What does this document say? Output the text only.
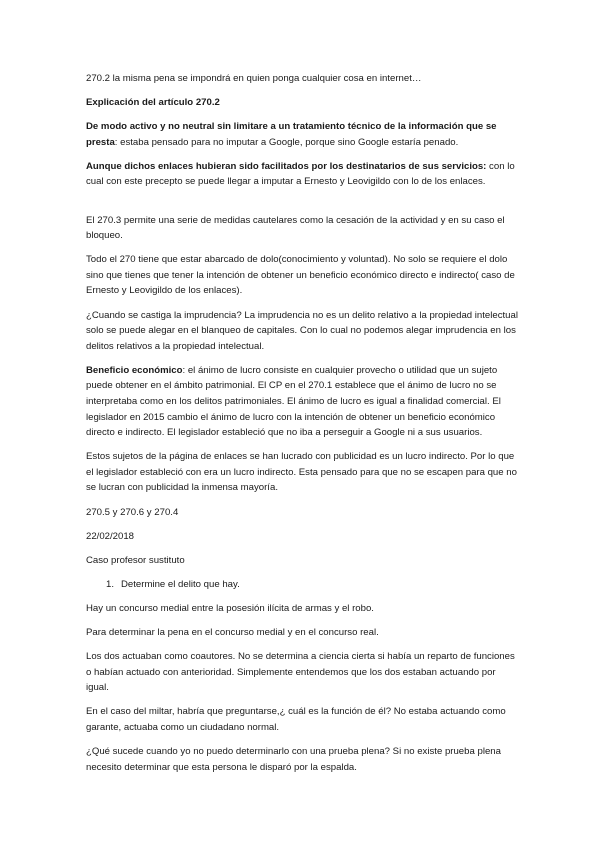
270.2 la misma pena se impondrá en quien ponga cualquier cosa en internet…

Explicación del artículo 270.2

De modo activo y no neutral sin limitare a un tratamiento técnico de la información que se presta: estaba pensado para no imputar a Google, porque sino Google estaría penado.

Aunque dichos enlaces hubieran sido facilitados por los destinatarios de sus servicios: con lo cual con este precepto se puede llegar a imputar a Ernesto y Leovigildo con lo de los enlaces.

El 270.3 permite una serie de medidas cautelares como la cesación de la actividad y en su caso el bloqueo.

Todo el 270 tiene que estar abarcado de dolo(conocimiento y voluntad). No solo se requiere el dolo sino que tienes que tener la intención de obtener un beneficio económico directo e indirecto( caso de Ernesto y Leovigildo de los enlaces).

¿Cuando se castiga la imprudencia? La imprudencia no es un delito relativo a la propiedad intelectual solo se puede alegar en el blanqueo de capitales. Con lo cual no podemos alegar imprudencia en los delitos relativos a la propiedad intelectual.

Beneficio económico: el ánimo de lucro consiste en cualquier provecho o utilidad que un sujeto puede obtener en el ámbito patrimonial. El CP en el 270.1 establece que el ánimo de lucro no se interpretaba como en los delitos patrimoniales. El ánimo de lucro es igual a finalidad comercial. El legislador en 2015 cambio el ánimo de lucro con la intención de obtener un beneficio económico directo e indirecto. El legislador estableció que no iba a perseguir a Google ni a sus usuarios.

Estos sujetos de la página de enlaces se han lucrado con publicidad es un lucro indirecto. Por lo que el legislador estableció con era un lucro indirecto. Esta pensado para que no se escapen para que no se lucran con publicidad la inmensa mayoría.

270.5 y 270.6 y 270.4

22/02/2018

Caso profesor sustituto

1. Determine el delito que hay.

Hay un concurso medial entre la posesión ilícita de armas y el robo.

Para determinar la pena en el concurso medial y en el concurso real.

Los dos actuaban como coautores. No se determina a ciencia cierta si había un reparto de funciones o habían actuado con anterioridad. Simplemente entendemos que los dos estaban actuando por igual.

En el caso del miltar, habría que preguntarse,¿ cuál es la función de él? No estaba actuando como garante, actuaba como un ciudadano normal.

¿Qué sucede cuando yo no puedo determinarlo con una prueba plena? Si no existe prueba plena necesito determinar que esta persona le disparó por la espalda.
